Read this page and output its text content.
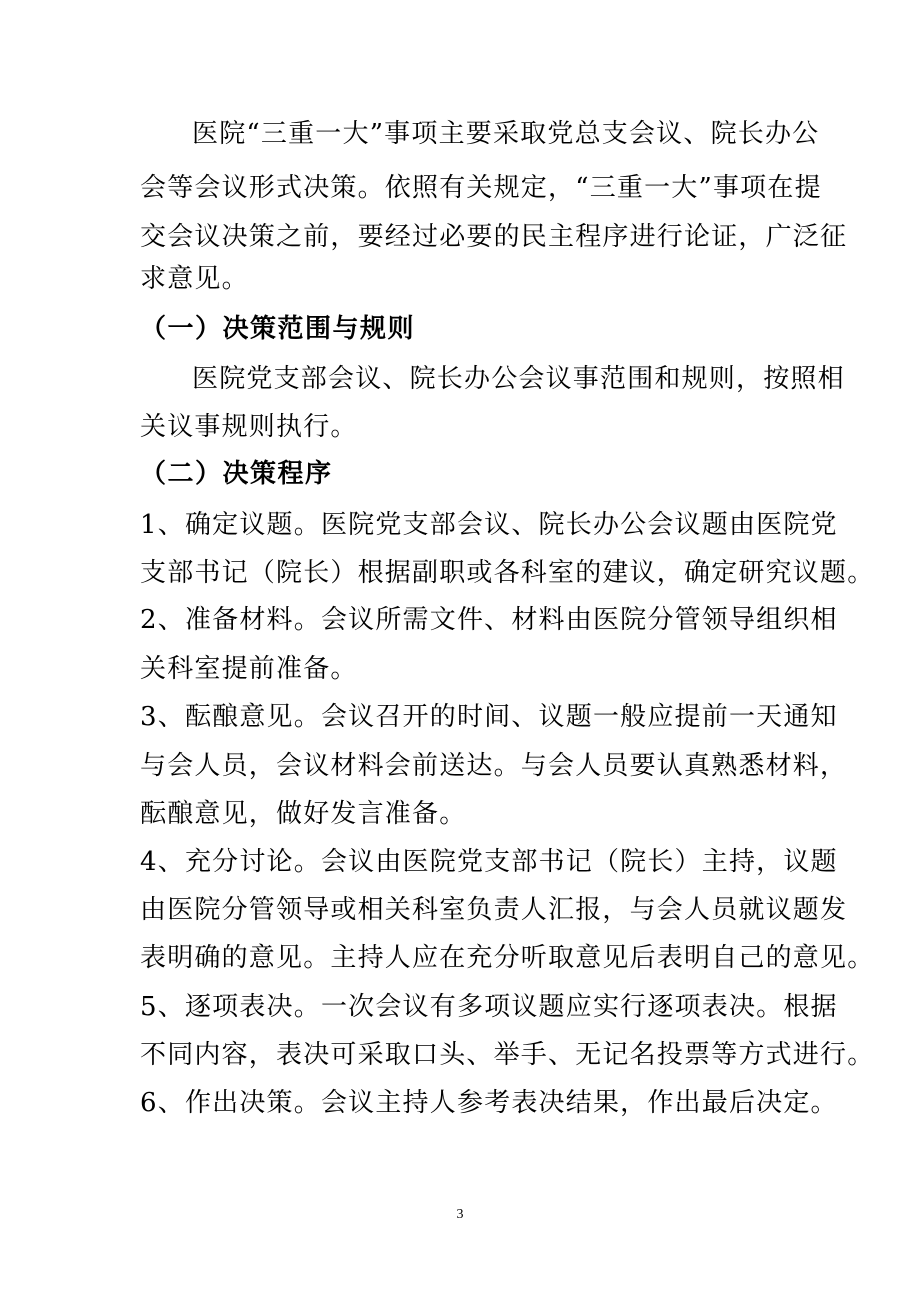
医院“三重一大”事项主要采取党总支会议、院长办公
会等会议形式决策。依照有关规定，“三重一大”事项在提
交会议决策之前，要经过必要的民主程序进行论证，广泛征
求意见。
（一）决策范围与规则
医院党支部会议、院长办公会议事范围和规则，按照相
关议事规则执行。
（二）决策程序
1、确定议题。医院党支部会议、院长办公会议题由医院党
支部书记（院长）根据副职或各科室的建议，确定研究议题。
2、准备材料。会议所需文件、材料由医院分管领导组织相
关科室提前准备。
3、酝酿意见。会议召开的时间、议题一般应提前一天通知
与会人员，会议材料会前送达。与会人员要认真熟悉材料，
酝酿意见，做好发言准备。
4、充分讨论。会议由医院党支部书记（院长）主持，议题
由医院分管领导或相关科室负责人汇报，与会人员就议题发
表明确的意见。主持人应在充分听取意见后表明自己的意见。
5、逐项表决。一次会议有多项议题应实行逐项表决。根据
不同内容，表决可采取口头、举手、无记名投票等方式进行。
6、作出决策。会议主持人参考表决结果，作出最后决定。
3
